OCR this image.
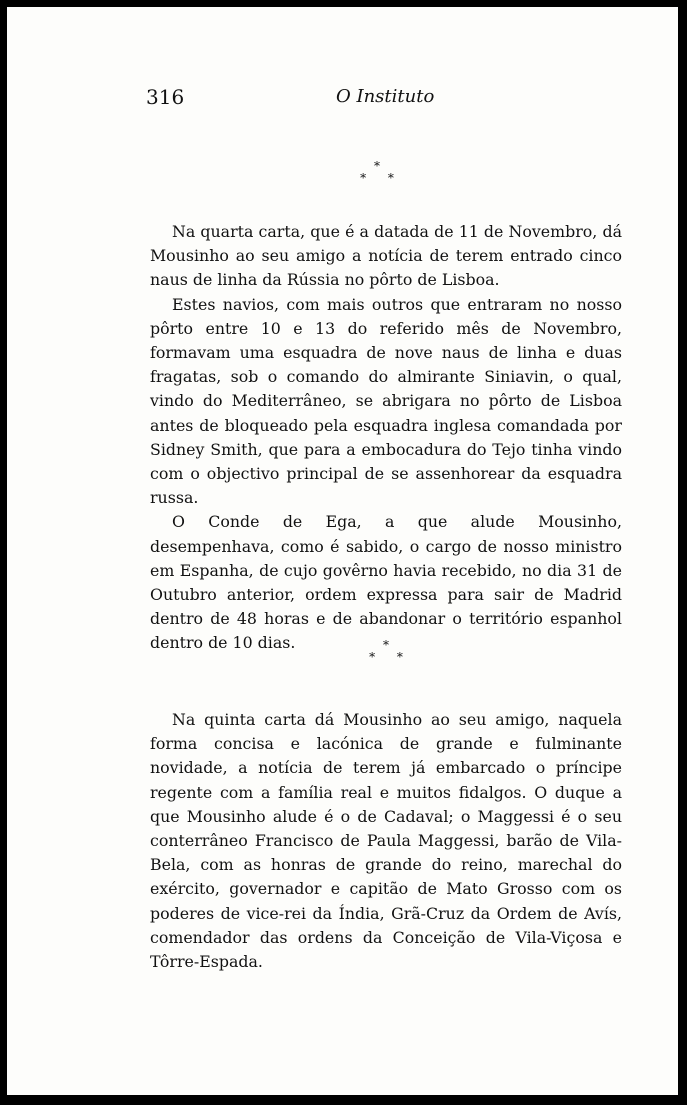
316	O Instituto
*
* *

Na quarta carta, que é a datada de 11 de Novembro, dá Mousinho ao seu amigo a notícia de terem entrado cinco naus de linha da Rússia no pôrto de Lisboa.

Estes navios, com mais outros que entraram no nosso pôrto entre 10 e 13 do referido mês de Novembro, formavam uma esquadra de nove naus de linha e duas fragatas, sob o comando do almirante Siniavin, o qual, vindo do Mediterrâneo, se abrigara no pôrto de Lisboa antes de bloqueado pela esquadra inglesa comandada por Sidney Smith, que para a embocadura do Tejo tinha vindo com o objectivo principal de se assenhorear da esquadra russa.

O Conde de Ega, a que alude Mousinho, desempenhava, como é sabido, o cargo de nosso ministro em Espanha, de cujo govêrno havia recebido, no dia 31 de Outubro anterior, ordem expressa para sair de Madrid dentro de 48 horas e de abandonar o território espanhol dentro de 10 dias.	*
* *

Na quinta carta dá Mousinho ao seu amigo, naquela forma concisa e lacónica de grande e fulminante novidade, a notícia de terem já embarcado o príncipe regente com a família real e muitos fidalgos. O duque a que Mousinho alude é o de Cadaval; o Maggessi é o seu conterrâneo Francisco de Paula Maggessi, barão de Vila-Bela, com as honras de grande do reino, marechal do exército, governador e capitão de Mato Grosso com os poderes de vice-rei da Índia, Grã-Cruz da Ordem de Avís, comendador das ordens da Conceição de Vila-Viçosa e Tôrre-Espada.
